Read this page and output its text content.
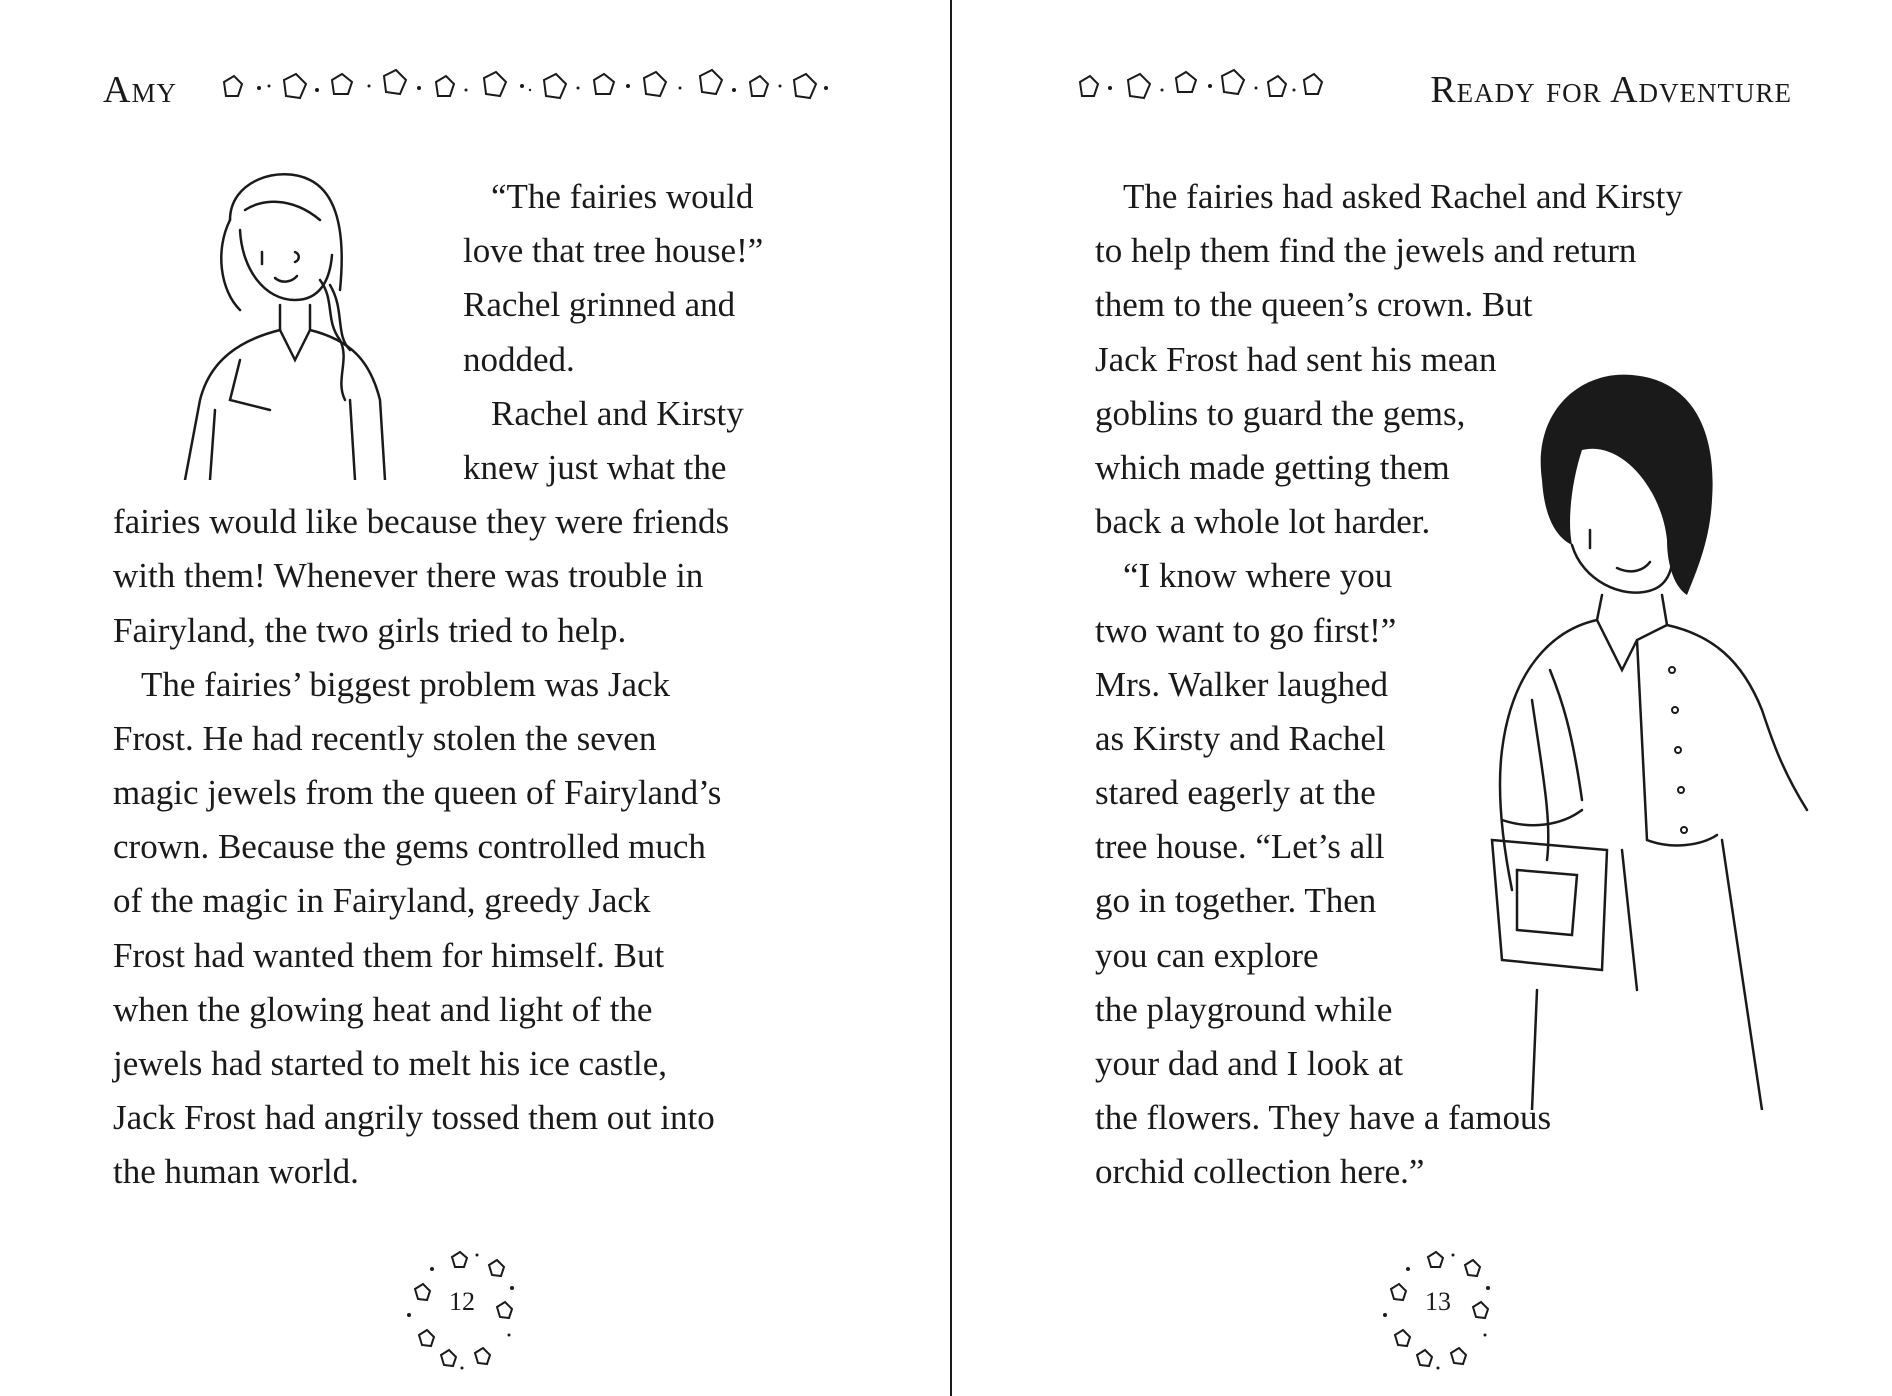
Amy
“The fairies would
love that tree house!”
Rachel grinned and
nodded.
Rachel and Kirsty
knew just what the
fairies would like because they were friends
with them! Whenever there was trouble in
Fairyland, the two girls tried to help.
The fairies’ biggest problem was Jack
Frost. He had recently stolen the seven
magic jewels from the queen of Fairyland’s
crown. Because the gems controlled much
of the magic in Fairyland, greedy Jack
Frost had wanted them for himself. But
when the glowing heat and light of the
jewels had started to melt his ice castle,
Jack Frost had angrily tossed them out into
the human world.
12
Ready for Adventure
The fairies had asked Rachel and Kirsty
to help them find the jewels and return
them to the queen’s crown. But
Jack Frost had sent his mean
goblins to guard the gems,
which made getting them
back a whole lot harder.
“I know where you
two want to go first!”
Mrs. Walker laughed
as Kirsty and Rachel
stared eagerly at the
tree house. “Let’s all
go in together. Then
you can explore
the playground while
your dad and I look at
the flowers. They have a famous
orchid collection here.”
13
